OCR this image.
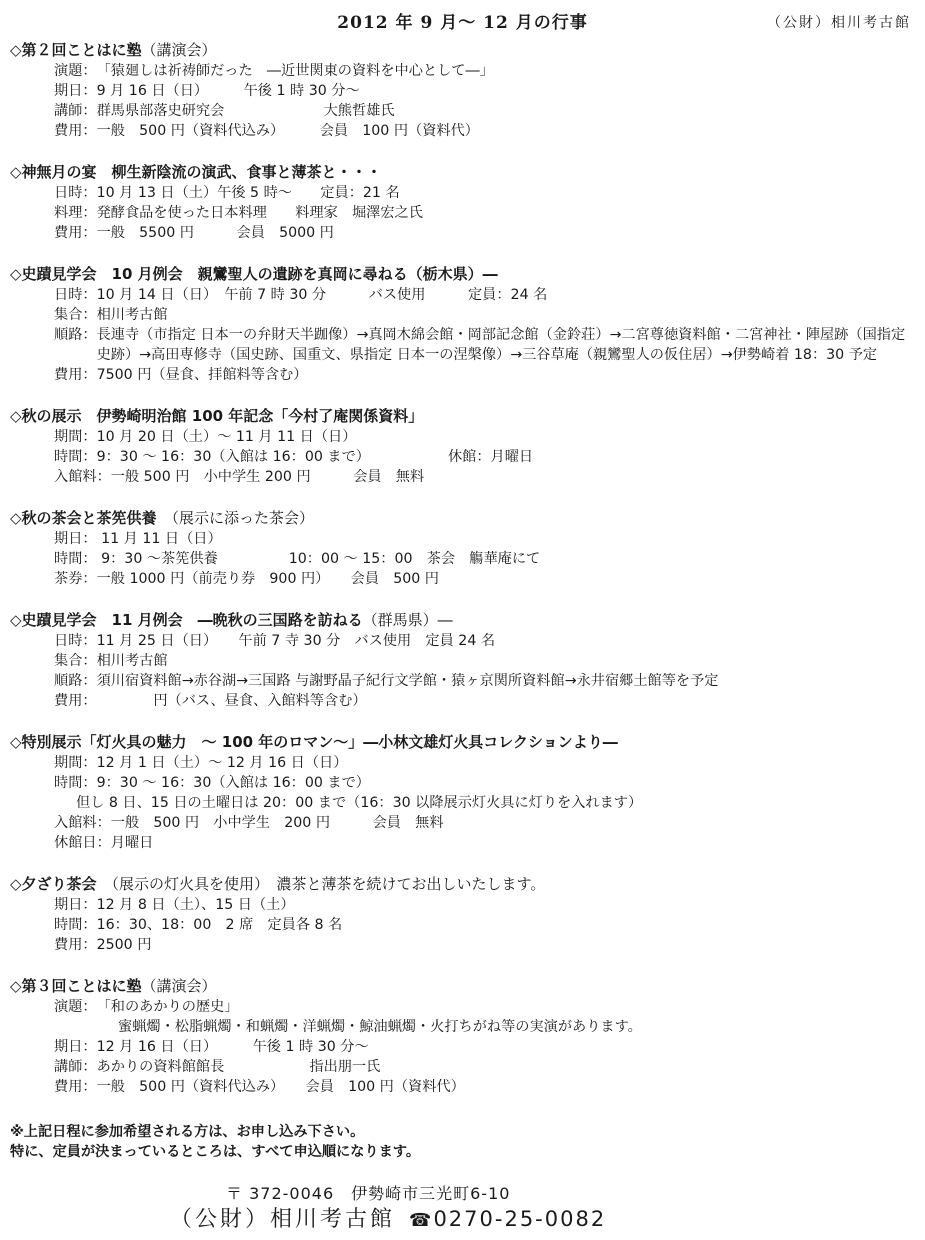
2012 年 9 月〜 12 月の行事	（公財）相川考古館
◇第２回ことはに塾（講演会）
演題： 「猿廻しは祈祷師だった　―近世関東の資料を中心として―」
期日： 9 月 16 日（日）　　　午後 1 時 30 分〜
講師： 群馬県部落史研究会　　　　　　　大熊哲雄氏
費用： 一般　500 円（資料代込み）　　　会員　100 円（資料代）
◇神無月の宴　柳生新陰流の演武、食事と薄茶と・・・
日時： 10 月 13 日（土）午後 5 時〜　　定員：21 名
料理： 発酵食品を使った日本料理　　料理家　堀澤宏之氏
費用： 一般　5500 円　　　会員　5000 円
◇史蹟見学会　10 月例会　親鸞聖人の遺跡を真岡に尋ねる（栃木県）―
日時： 10 月 14 日（日）　午前 7 時 30 分　　　バス使用　　　定員：24 名
集合： 相川考古館
順路： 長連寺（市指定 日本一の弁財天半跏像）→真岡木綿会館・岡部記念館（金鈴荘）→二宮尊徳資料館・二宮神社・陣屋跡（国指定史跡）→高田専修寺（国史跡、国重文、県指定 日本一の涅槃像）→三谷草庵（親鸞聖人の仮住居）→伊勢崎着 18：30 予定
費用： 7500 円（昼食、拝館料等含む）
◇秋の展示　伊勢崎明治館 100 年記念「今村了庵関係資料」
期間： 10 月 20 日（土）〜 11 月 11 日（日）
時間： 9：30 〜 16：30（入館は 16：00 まで）　　　　　　休館：月曜日
入館料： 一般 500 円　小中学生 200 円　　　会員　無料
◇秋の茶会と茶筅供養　（展示に添った茶会）
期日： 11 月 11 日（日）
時間： 9：30 〜茶筅供養　　　　　10：00 〜 15：00　茶会　觴華庵にて
茶券： 一般 1000 円（前売り券　900 円）　　会員　500 円
◇史蹟見学会　11 月例会　―晩秋の三国路を訪ねる（群馬県）―
日時： 11 月 25 日（日）　　午前 7 寺 30 分　バス使用　定員 24 名
集合： 相川考古館
順路： 須川宿資料館→赤谷湖→三国路 与謝野晶子紀行文学館・猿ヶ京関所資料館→永井宿郷土館等を予定
費用： 　　　　円（バス、昼食、入館料等含む）
◇特別展示「灯火具の魅力　〜 100 年のロマン〜」―小林文雄灯火具コレクションより―
期間： 12 月 1 日（土）〜 12 月 16 日（日）
時間： 9：30 〜 16：30（入館は 16：00 まで）
但し 8 日、15 日の土曜日は 20：00 まで（16：30 以降展示灯火具に灯りを入れます）
入館料： 一般　500 円　小中学生　200 円　　　会員　無料
休館日： 月曜日
◇夕ざり茶会　（展示の灯火具を使用）　濃茶と薄茶を続けてお出しいたします。
期日： 12 月 8 日（土）、15 日（土）
時間： 16：30、18：00　2 席　定員各 8 名
費用： 2500 円
◇第３回ことはに塾（講演会）
演題： 「和のあかりの歴史」
蜜蝋燭・松脂蝋燭・和蝋燭・洋蝋燭・鯨油蝋燭・火打ちがね等の実演があります。
期日： 12 月 16 日（日）　　　午後 1 時 30 分〜
講師： あかりの資料館館長　　　　　　指出朋一氏
費用： 一般　500 円（資料代込み）　　会員　100 円（資料代）
※上記日程に参加希望される方は、お申し込み下さい。
特に、定員が決まっているところは、すべて申込順になります。
〒 372-0046　伊勢崎市三光町6-10
（公財）相川考古館 ☎0270-25-0082
